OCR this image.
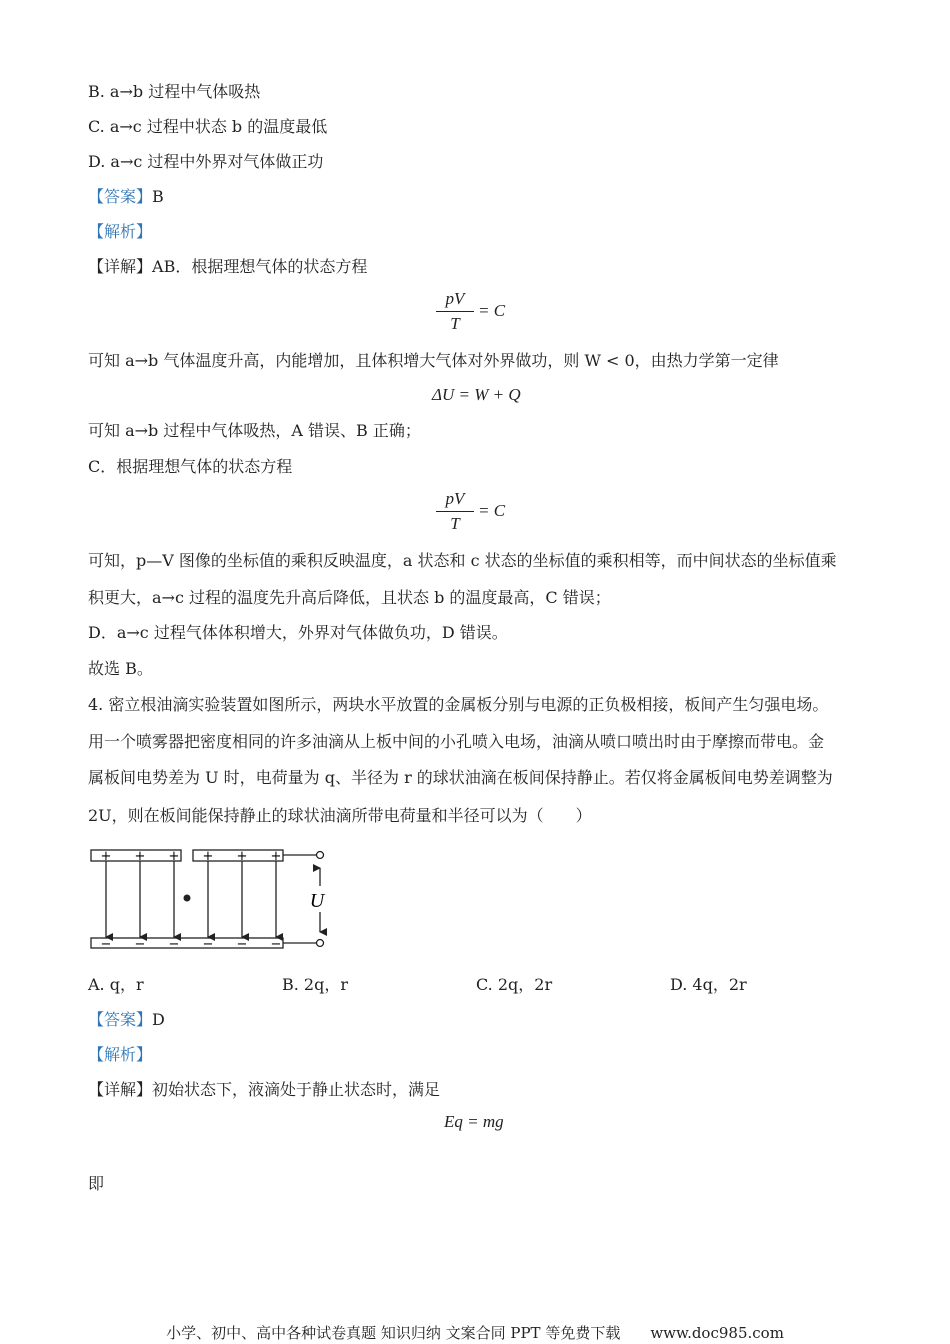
B. a→b 过程中气体吸热
C. a→c 过程中状态 b 的温度最低
D. a→c 过程中外界对气体做正功
【答案】B
【解析】
【详解】AB．根据理想气体的状态方程
pV
T
= C
可知 a→b 气体温度升高，内能增加，且体积增大气体对外界做功，则 W < 0，由热力学第一定律
ΔU = W + Q
可知 a→b 过程中气体吸热，A 错误、B 正确；
C．根据理想气体的状态方程
pV
T
= C
可知，p—V 图像的坐标值的乘积反映温度，a 状态和 c 状态的坐标值的乘积相等，而中间状态的坐标值乘
积更大，a→c 过程的温度先升高后降低，且状态 b 的温度最高，C 错误；
D．a→c 过程气体体积增大，外界对气体做负功，D 错误。
故选 B。
4. 密立根油滴实验装置如图所示，两块水平放置的金属板分别与电源的正负极相接，板间产生匀强电场。
用一个喷雾器把密度相同的许多油滴从上板中间的小孔喷入电场，油滴从喷口喷出时由于摩擦而带电。金
属板间电势差为 U 时，电荷量为 q、半径为 r 的球状油滴在板间保持静止。若仅将金属板间电势差调整为
2U，则在板间能保持静止的球状油滴所带电荷量和半径可以为（　　）
+ + + + + +
− − − − − −
U
A. q，r	B. 2q，r	C. 2q，2r	D. 4q，2r
【答案】D
【解析】
【详解】初始状态下，液滴处于静止状态时，满足
Eq = mg
即
小学、初中、高中各种试卷真题 知识归纳 文案合同 PPT 等免费下载　　www.doc985.com
